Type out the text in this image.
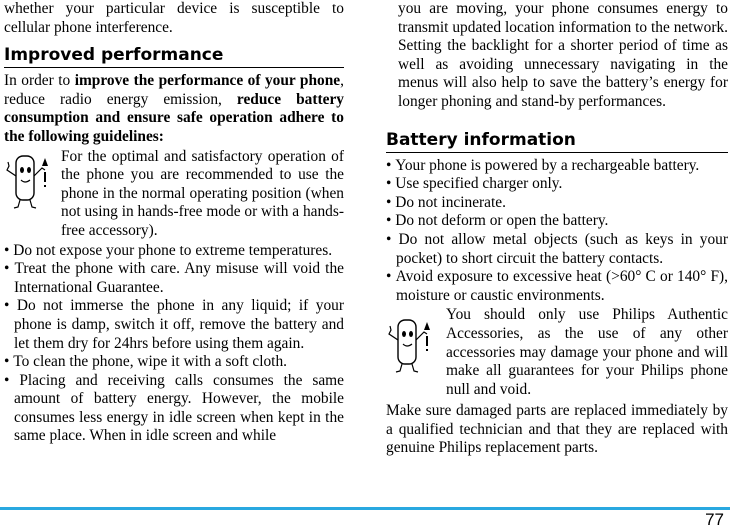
whether your particular device is susceptible to cellular phone interference.

Improved performance

In order to improve the performance of your phone, reduce radio energy emission, reduce battery consumption and ensure safe operation adhere to the following guidelines:

For the optimal and satisfactory operation of the phone you are recommended to use the phone in the normal operating position (when not using in hands-free mode or with a hands-free accessory).

• Do not expose your phone to extreme temperatures.
• Treat the phone with care. Any misuse will void the International Guarantee.
• Do not immerse the phone in any liquid; if your phone is damp, switch it off, remove the battery and let them dry for 24hrs before using them again.
• To clean the phone, wipe it with a soft cloth.
• Placing and receiving calls consumes the same amount of battery energy. However, the mobile consumes less energy in idle screen when kept in the same place. When in idle screen and while

you are moving, your phone consumes energy to transmit updated location information to the network. Setting the backlight for a shorter period of time as well as avoiding unnecessary navigating in the menus will also help to save the battery’s energy for longer phoning and stand-by performances.

Battery information
• Your phone is powered by a rechargeable battery.
• Use specified charger only.
• Do not incinerate.
• Do not deform or open the battery.
• Do not allow metal objects (such as keys in your pocket) to short circuit the battery contacts.
• Avoid exposure to excessive heat (>60° C or 140° F), moisture or caustic environments.

You should only use Philips Authentic Accessories, as the use of any other accessories may damage your phone and will make all guarantees for your Philips phone null and void.

Make sure damaged parts are replaced immediately by a qualified technician and that they are replaced with genuine Philips replacement parts.

77
